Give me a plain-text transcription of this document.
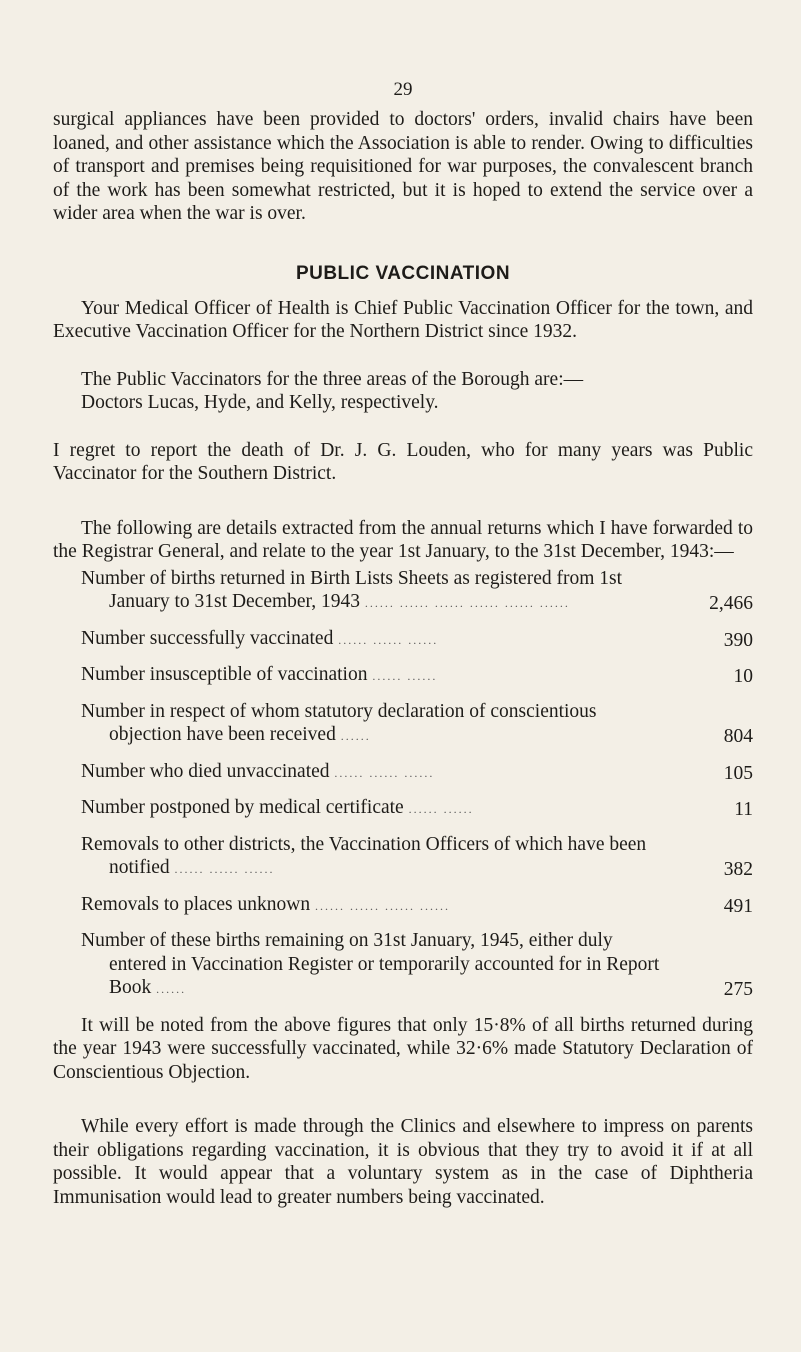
29

surgical appliances have been provided to doctors' orders, invalid chairs have been loaned, and other assistance which the Association is able to render. Owing to difficulties of transport and premises being requisitioned for war purposes, the convalescent branch of the work has been somewhat restricted, but it is hoped to extend the service over a wider area when the war is over.

PUBLIC VACCINATION

Your Medical Officer of Health is Chief Public Vaccination Officer for the town, and Executive Vaccination Officer for the Northern District since 1932.

The Public Vaccinators for the three areas of the Borough are:—

Doctors Lucas, Hyde, and Kelly, respectively.

I regret to report the death of Dr. J. G. Louden, who for many years was Public Vaccinator for the Southern District.

The following are details extracted from the annual returns which I have forwarded to the Registrar General, and relate to the year 1st January, to the 31st December, 1943:—

Number of births returned in Birth Lists Sheets as registered from 1st January to 31st December, 1943 ...... ...... ...... ...... ...... ......	2,466
Number successfully vaccinated ...... ...... ......	390
Number insusceptible of vaccination ...... ......	10
Number in respect of whom statutory declaration of conscientious objection have been received ......	804
Number who died unvaccinated ...... ...... ......	105
Number postponed by medical certificate ...... ......	11
Removals to other districts, the Vaccination Officers of which have been notified ...... ...... ......	382
Removals to places unknown ...... ...... ...... ......	491
Number of these births remaining on 31st January, 1945, either duly entered in Vaccination Register or temporarily accounted for in Report Book ......	275

It will be noted from the above figures that only 15·8% of all births returned during the year 1943 were successfully vaccinated, while 32·6% made Statutory Declaration of Conscientious Objection.

While every effort is made through the Clinics and elsewhere to impress on parents their obligations regarding vaccination, it is obvious that they try to avoid it if at all possible. It would appear that a voluntary system as in the case of Diphtheria Immunisation would lead to greater numbers being vaccinated.
